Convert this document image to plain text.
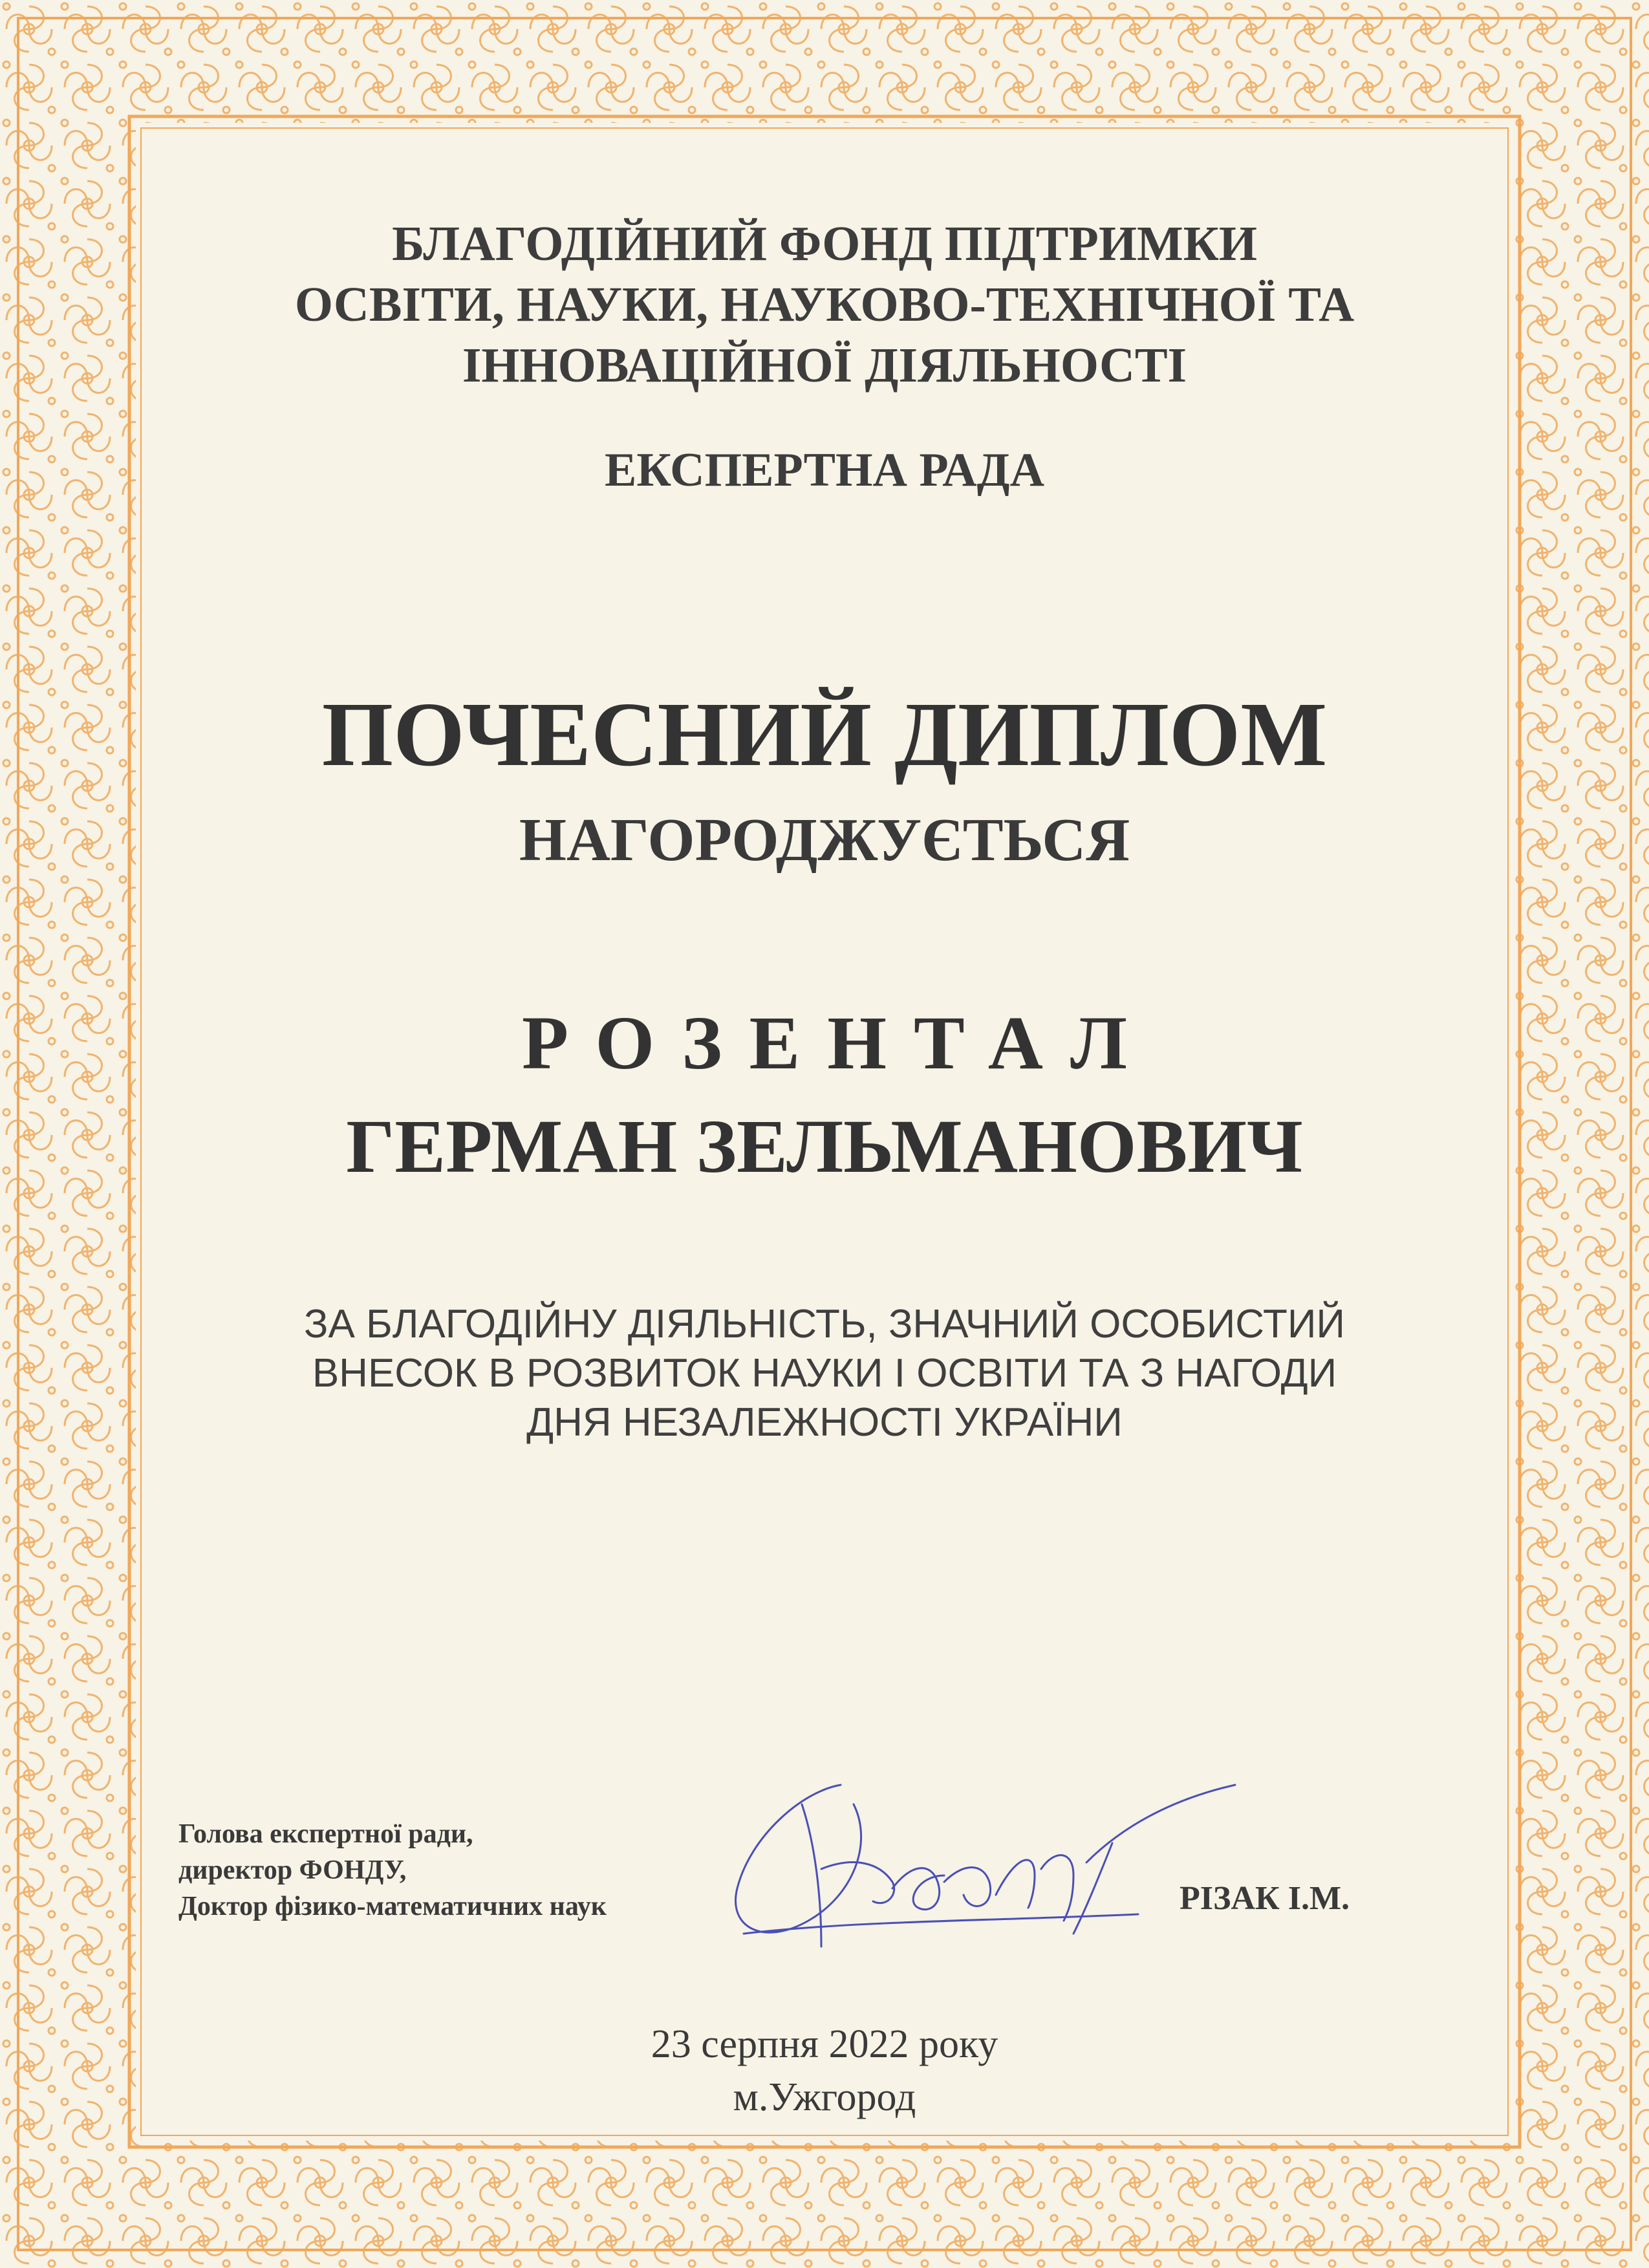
БЛАГОДІЙНИЙ ФОНД ПІДТРИМКИ
ОСВІТИ, НАУКИ, НАУКОВО-ТЕХНІЧНОЇ ТА
ІННОВАЦІЙНОЇ ДІЯЛЬНОСТІ
ЕКСПЕРТНА РАДА
ПОЧЕСНИЙ ДИПЛОМ
НАГОРОДЖУЄТЬСЯ
РОЗЕНТАЛ
ГЕРМАН ЗЕЛЬМАНОВИЧ
ЗА БЛАГОДІЙНУ ДІЯЛЬНІСТЬ, ЗНАЧНИЙ ОСОБИСТИЙ
ВНЕСОК В РОЗВИТОК НАУКИ І ОСВІТИ ТА З НАГОДИ
ДНЯ НЕЗАЛЕЖНОСТІ УКРАЇНИ
Голова експертної ради,
директор ФОНДУ,
Доктор фізико-математичних наук	РІЗАК І.М.
23 серпня 2022 року
м.Ужгород
